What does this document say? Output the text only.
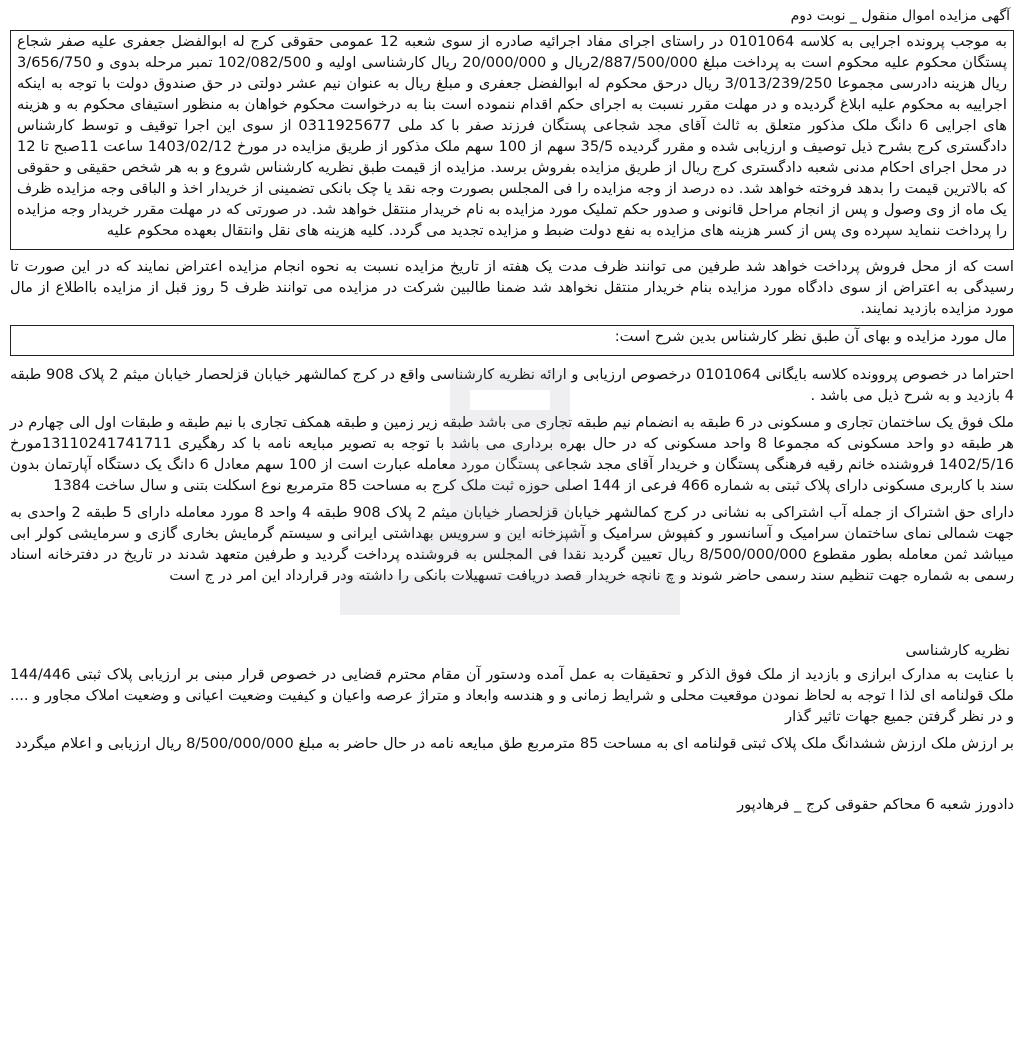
آگهی مزایده اموال منقول _ نوبت دوم

به موجب پرونده اجرایی به کلاسه 0101064 در راستای اجرای مفاد اجرائیه صادره از سوی شعبه 12 عمومی حقوقی کرج له ابوالفضل جعفری علیه صفر شجاع پستگان محکوم علیه محکوم است به پرداخت مبلغ 2/887/500/000ریال و 20/000/000 ریال کارشناسی اولیه و 102/082/500 تمبر مرحله بدوی و 3/656/750 ریال هزینه دادرسی مجموعا 3/013/239/250 ریال درحق محکوم له ابوالفضل جعفری و مبلغ ریال به عنوان نیم عشر دولتی در حق صندوق دولت با توجه به اینکه اجراییه به محکوم علیه ابلاغ گردیده و در مهلت مقرر نسبت به اجرای حکم اقدام ننموده است بنا به درخواست محکوم خواهان به منظور استیفای محکوم به و هزینه های اجرایی 6 دانگ ملک مذکور متعلق به ثالث آقای مجد شجاعی پستگان فرزند صفر با کد ملی 0311925677 از سوی این اجرا توقیف و توسط کارشناس دادگستری کرج بشرح ذیل توصیف و ارزیابی شده و مقرر گردیده 35/5 سهم از 100 سهم ملک مذکور از طریق مزایده در مورخ 1403/02/12 ساعت 11صبح تا 12 در محل اجرای احکام مدنی شعبه دادگستری کرج ریال از طریق مزایده بفروش برسد. مزایده از قیمت طبق نظریه کارشناس شروع و به هر شخص حقیقی و حقوقی که بالاترین قیمت را بدهد فروخته خواهد شد. ده درصد از وجه مزایده را فی المجلس بصورت وجه نقد یا چک بانکی تضمینی از خریدار اخذ و الباقی وجه مزایده ظرف یک ماه از وی وصول و پس از انجام مراحل قانونی و صدور حکم تملیک مورد مزایده به نام خریدار منتقل خواهد شد. در صورتی که در مهلت مقرر خریدار وجه مزایده را پرداخت ننماید سپرده وی پس از کسر هزینه های مزایده به نفع دولت ضبط و مزایده تجدید می گردد. کلیه هزینه های نقل وانتقال بعهده محکوم علیه

است که از محل فروش پرداخت خواهد شد طرفین می توانند ظرف مدت یک هفته از تاریخ مزایده نسبت به نحوه انجام مزایده اعتراض نمایند که در این صورت تا رسیدگی به اعتراض از سوی دادگاه مورد مزایده بنام خریدار منتقل نخواهد شد ضمنا طالبین شرکت در مزایده می توانند ظرف 5 روز قبل از مزایده بااطلاع از مال مورد مزایده بازدید نمایند.

مال مورد مزایده و بهای آن طبق نظر کارشناس بدین شرح است:

احتراما در خصوص پروونده کلاسه بایگانی 0101064 درخصوص ارزیابی و ارائه نظریه کارشناسی واقع در کرج کمالشهر خیابان قزلحصار خیابان میثم 2 پلاک 908 طبقه 4 بازدید و به شرح ذیل می باشد .

ملک فوق یک ساختمان تجاری و مسکونی در 6 طبقه به انضمام نیم طبقه تجاری می باشد طبقه زیر زمین و طبقه همکف تجاری با نیم طبقه و طبقات اول الی چهارم در هر طبقه دو واحد مسکونی که مجموعا 8 واحد مسکونی که در حال بهره برداری می باشد با توجه به تصویر مبایعه نامه با کد رهگیری 13110241741711مورخ 1402/5/16 فروشنده خانم رقیه فرهنگی پستگان و خریدار آقای مجد شجاعی پستگان مورد معامله عبارت است از 100 سهم معادل 6 دانگ یک دستگاه آپارتمان بدون سند با کاربری مسکونی دارای پلاک ثبتی به شماره 466 فرعی از 144 اصلی حوزه ثبت ملک کرج به مساحت 85 مترمربع نوع اسکلت بتنی و سال ساخت 1384

دارای حق اشتراک از جمله آب اشتراکی به نشانی در کرج کمالشهر خیابان قزلحصار خیابان میثم 2 پلاک 908 طبقه 4 واحد 8 مورد معامله دارای 5 طبقه 2 واحدی به جهت شمالی نمای ساختمان سرامیک و آسانسور و کفپوش سرامیک و آشپزخانه این و سرویس بهداشتی ایرانی و سیستم گرمایش بخاری گازی و سرمایشی کولر ابی میباشد ثمن معامله بطور مقطوع 8/500/000/000 ریال تعیین گردید نقدا فی المجلس به فروشنده پرداخت گردید و طرفین متعهد شدند در تاریخ در دفترخانه اسناد رسمی به شماره جهت تنظیم سند رسمی حاضر شوند و چ نانچه خریدار قصد دریافت تسهیلات بانکی را داشته ودر قرارداد این امر در ج است

نظریه کارشناسی

با عنایت به مدارک ابرازی و بازدید از ملک فوق الذکر و تحقیقات به عمل آمده ودستور آن مقام محترم قضایی در خصوص قرار مبنی بر ارزیابی پلاک ثبتی 144/446 ملک قولنامه ای لذا ا توجه به لحاظ نمودن موقعیت محلی و شرایط زمانی و و هندسه وابعاد و متراژ عرصه واعیان و کیفیت وضعیت اعیانی و وضعیت املاک مجاور و .... و در نظر گرفتن جمیع جهات تاثیر گذار

بر ارزش ملک ارزش ششدانگ ملک پلاک ثبتی قولنامه ای به مساحت 85 مترمربع طق مبایعه نامه در حال حاضر به مبلغ 8/500/000/000 ریال ارزیابی و اعلام میگردد

دادورز شعبه 6 محاکم حقوقی کرج _ فرهادپور
